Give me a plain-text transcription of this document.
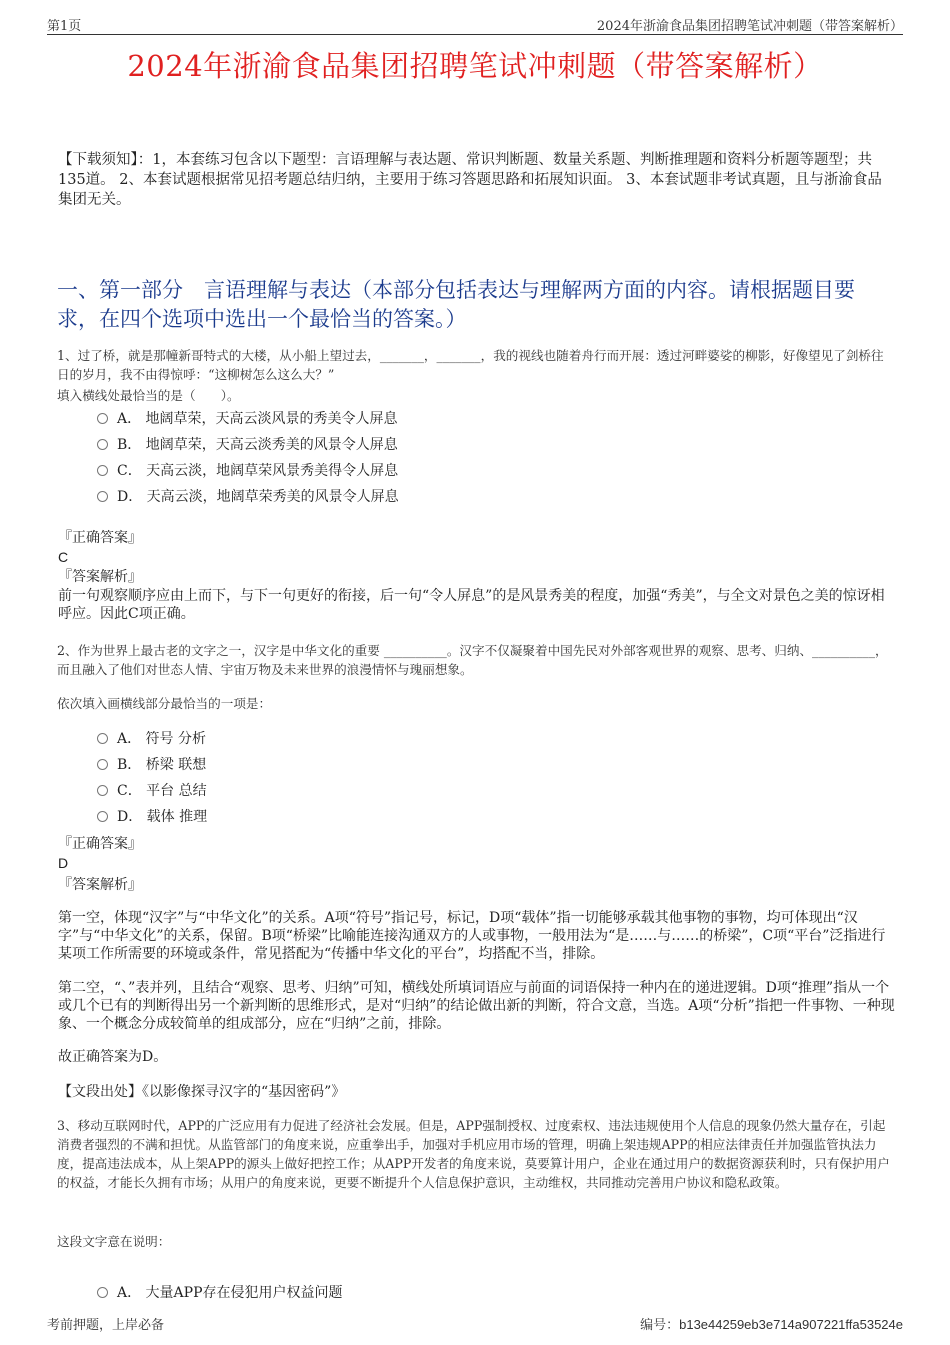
第1页	2024年浙渝食品集团招聘笔试冲刺题（带答案解析）
2024年浙渝食品集团招聘笔试冲刺题（带答案解析）
【下载须知】：1，本套练习包含以下题型：言语理解与表达题、常识判断题、数量关系题、判断推理题和资料分析题等题型；共135道。 2、本套试题根据常见招考题总结归纳，主要用于练习答题思路和拓展知识面。 3、本套试题非考试真题，且与浙渝食品集团无关。
一、第一部分　言语理解与表达（本部分包括表达与理解两方面的内容。请根据题目要求，在四个选项中选出一个最恰当的答案。）
1、过了桥，就是那幢新哥特式的大楼，从小船上望过去，_______，_______，我的视线也随着舟行而开展：透过河畔婆娑的柳影，好像望见了剑桥往日的岁月，我不由得惊呼：“这柳树怎么这么大？”
填入横线处最恰当的是（　　）。
A． 地阔草荣，天高云淡风景的秀美令人屏息
B． 地阔草荣，天高云淡秀美的风景令人屏息
C． 天高云淡，地阔草荣风景秀美得令人屏息
D． 天高云淡，地阔草荣秀美的风景令人屏息
『正确答案』
C
『答案解析』
前一句观察顺序应由上而下，与下一句更好的衔接，后一句“令人屏息”的是风景秀美的程度，加强“秀美”，与全文对景色之美的惊讶相呼应。因此C项正确。
2、作为世界上最古老的文字之一，汉字是中华文化的重要 __________。汉字不仅凝聚着中国先民对外部客观世界的观察、思考、归纳、__________，而且融入了他们对世态人情、宇宙万物及未来世界的浪漫情怀与瑰丽想象。
依次填入画横线部分最恰当的一项是：
A． 符号 分析
B． 桥梁 联想
C． 平台 总结
D． 载体 推理
『正确答案』
D
『答案解析』
第一空，体现“汉字”与“中华文化”的关系。A项“符号”指记号，标记，D项“载体”指一切能够承载其他事物的事物，均可体现出“汉字”与“中华文化”的关系，保留。B项“桥梁”比喻能连接沟通双方的人或事物，一般用法为“是……与……的桥梁”，C项“平台”泛指进行某项工作所需要的环境或条件，常见搭配为“传播中华文化的平台”，均搭配不当，排除。
第二空，“、”表并列，且结合“观察、思考、归纳”可知，横线处所填词语应与前面的词语保持一种内在的递进逻辑。D项“推理”指从一个或几个已有的判断得出另一个新判断的思维形式，是对“归纳”的结论做出新的判断，符合文意，当选。A项“分析”指把一件事物、一种现象、一个概念分成较简单的组成部分，应在“归纳”之前，排除。
故正确答案为D。
【文段出处】《以影像探寻汉字的“基因密码”》
3、移动互联网时代，APP的广泛应用有力促进了经济社会发展。但是，APP强制授权、过度索权、违法违规使用个人信息的现象仍然大量存在，引起消费者强烈的不满和担忧。从监管部门的角度来说，应重拳出手，加强对手机应用市场的管理，明确上架违规APP的相应法律责任并加强监管执法力度，提高违法成本，从上架APP的源头上做好把控工作；从APP开发者的角度来说，莫要算计用户，企业在通过用户的数据资源获利时，只有保护用户的权益，才能长久拥有市场；从用户的角度来说，更要不断提升个人信息保护意识，主动维权，共同推动完善用户协议和隐私政策。
这段文字意在说明：
A． 大量APP存在侵犯用户权益问题
考前押题，上岸必备	编号：b13e44259eb3e714a907221ffa53524e
